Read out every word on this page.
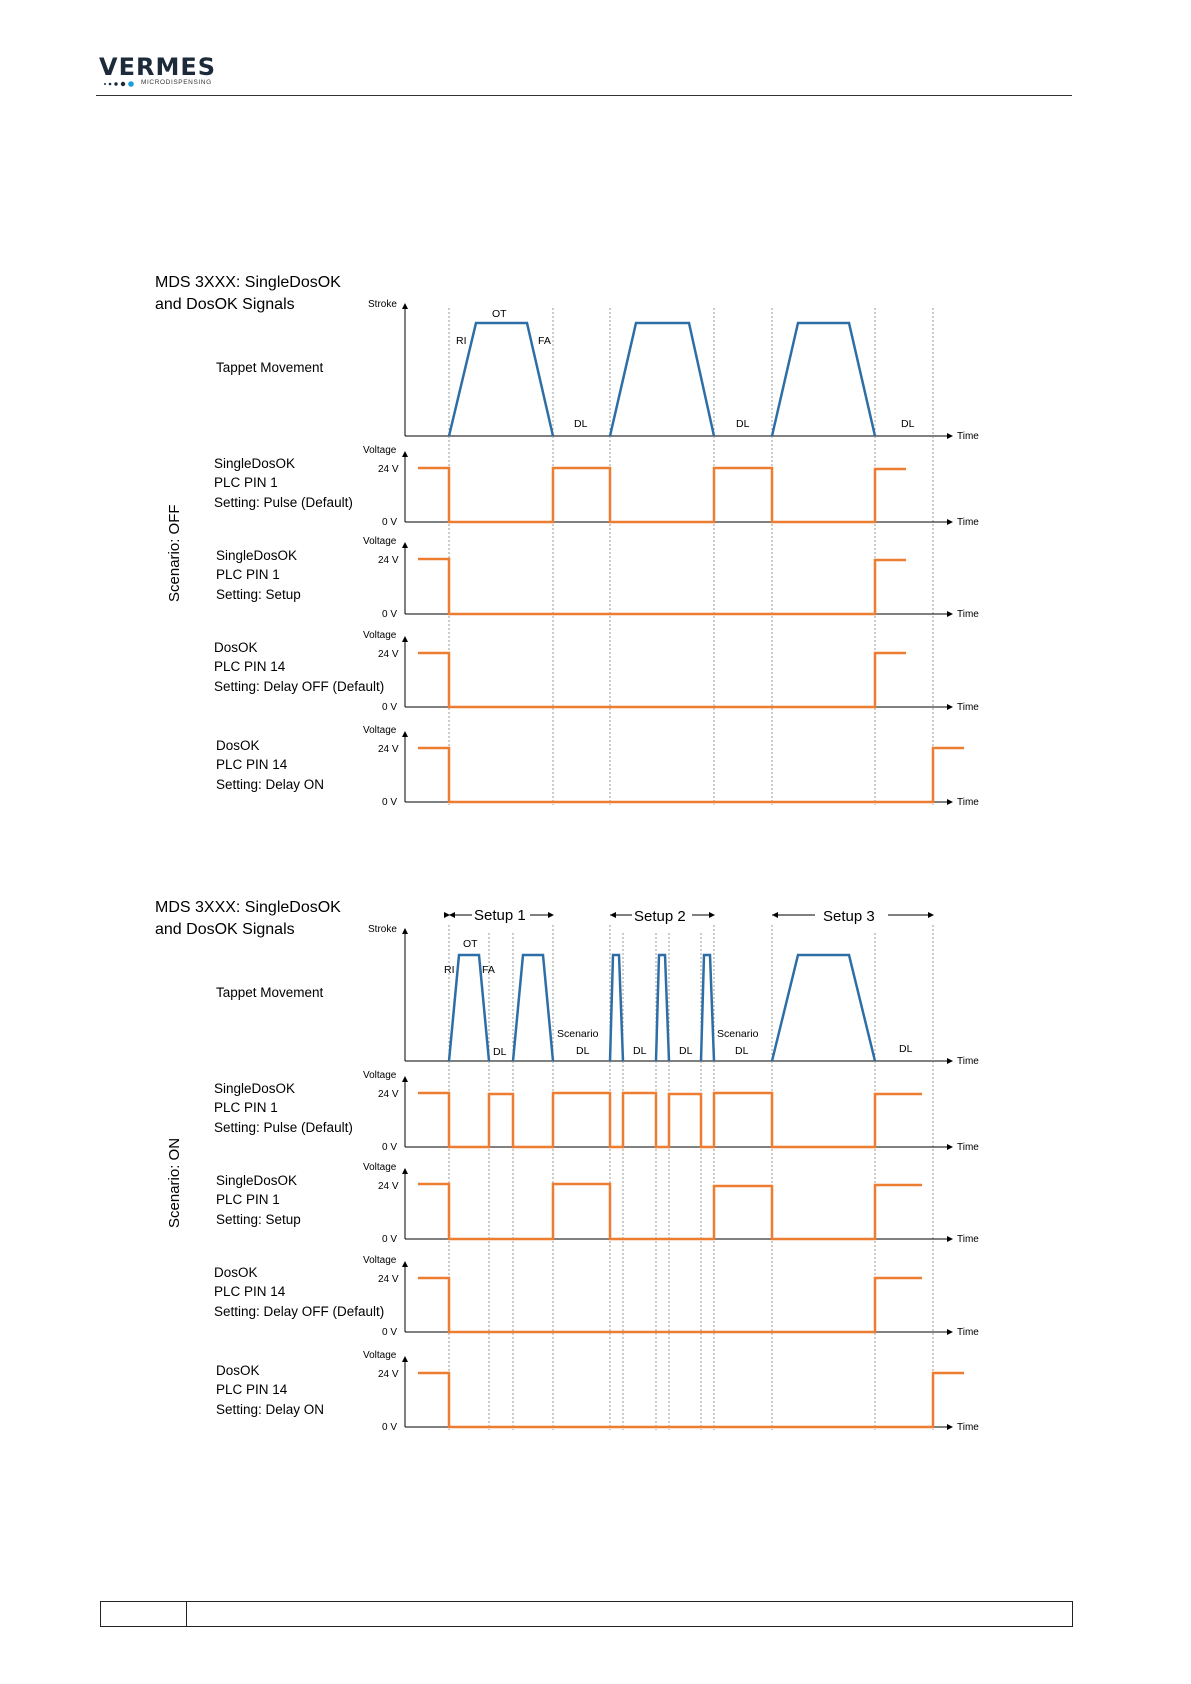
VERMES
MICRODISPENSING
MDS 3XXX: SingleDosOK
and DosOK Signals
Scenario: OFF
Tappet Movement
Stroke
Time
RI
OT
FA
DL	DL	DL
SingleDosOK
PLC PIN 1
Setting: Pulse (Default)
Voltage
24 V
0 V	Time
SingleDosOK
PLC PIN 1
Setting: Setup
Voltage
24 V
0 V	Time
DosOK
PLC PIN 14
Setting: Delay OFF (Default)
Voltage
24 V
0 V	Time
DosOK
PLC PIN 14
Setting: Delay ON
Voltage
24 V
0 V	Time
MDS 3XXX: SingleDosOK
and DosOK Signals
Scenario: ON
Setup 1	Setup 2	Setup 3
Tappet Movement
Stroke
Time
RI
OT
FA
DL
Scenario
DL	DL	DL
Scenario
DL	DL
SingleDosOK
PLC PIN 1
Setting: Pulse (Default)
Voltage
24 V
0 V	Time
SingleDosOK
PLC PIN 1
Setting: Setup
Voltage
24 V
0 V	Time
DosOK
PLC PIN 14
Setting: Delay OFF (Default)
Voltage
24 V
0 V	Time
DosOK
PLC PIN 14
Setting: Delay ON
Voltage
24 V
0 V	Time
